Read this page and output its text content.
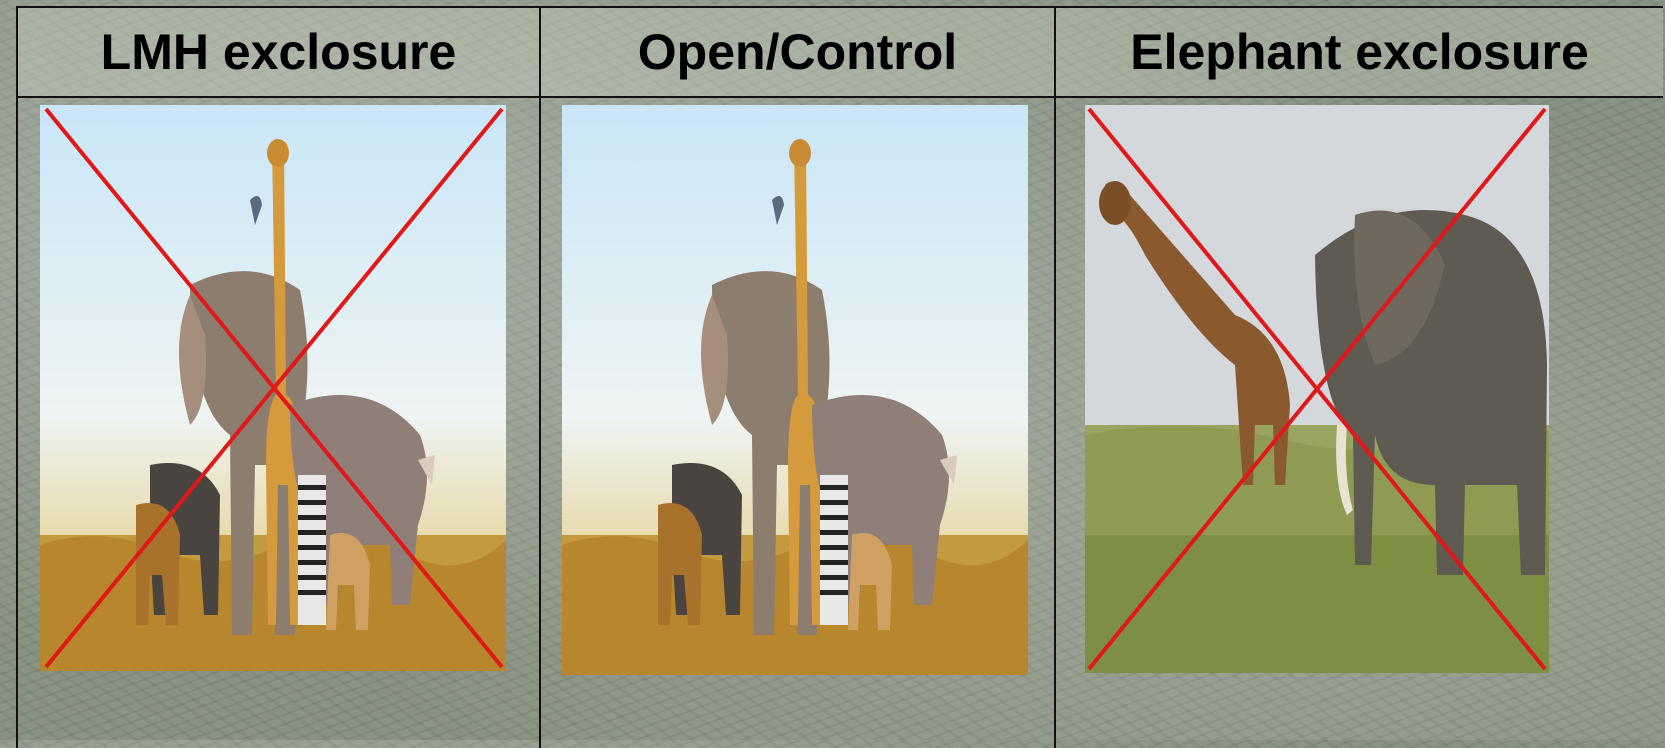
LMH exclosure	Open/Control	Elephant exclosure
